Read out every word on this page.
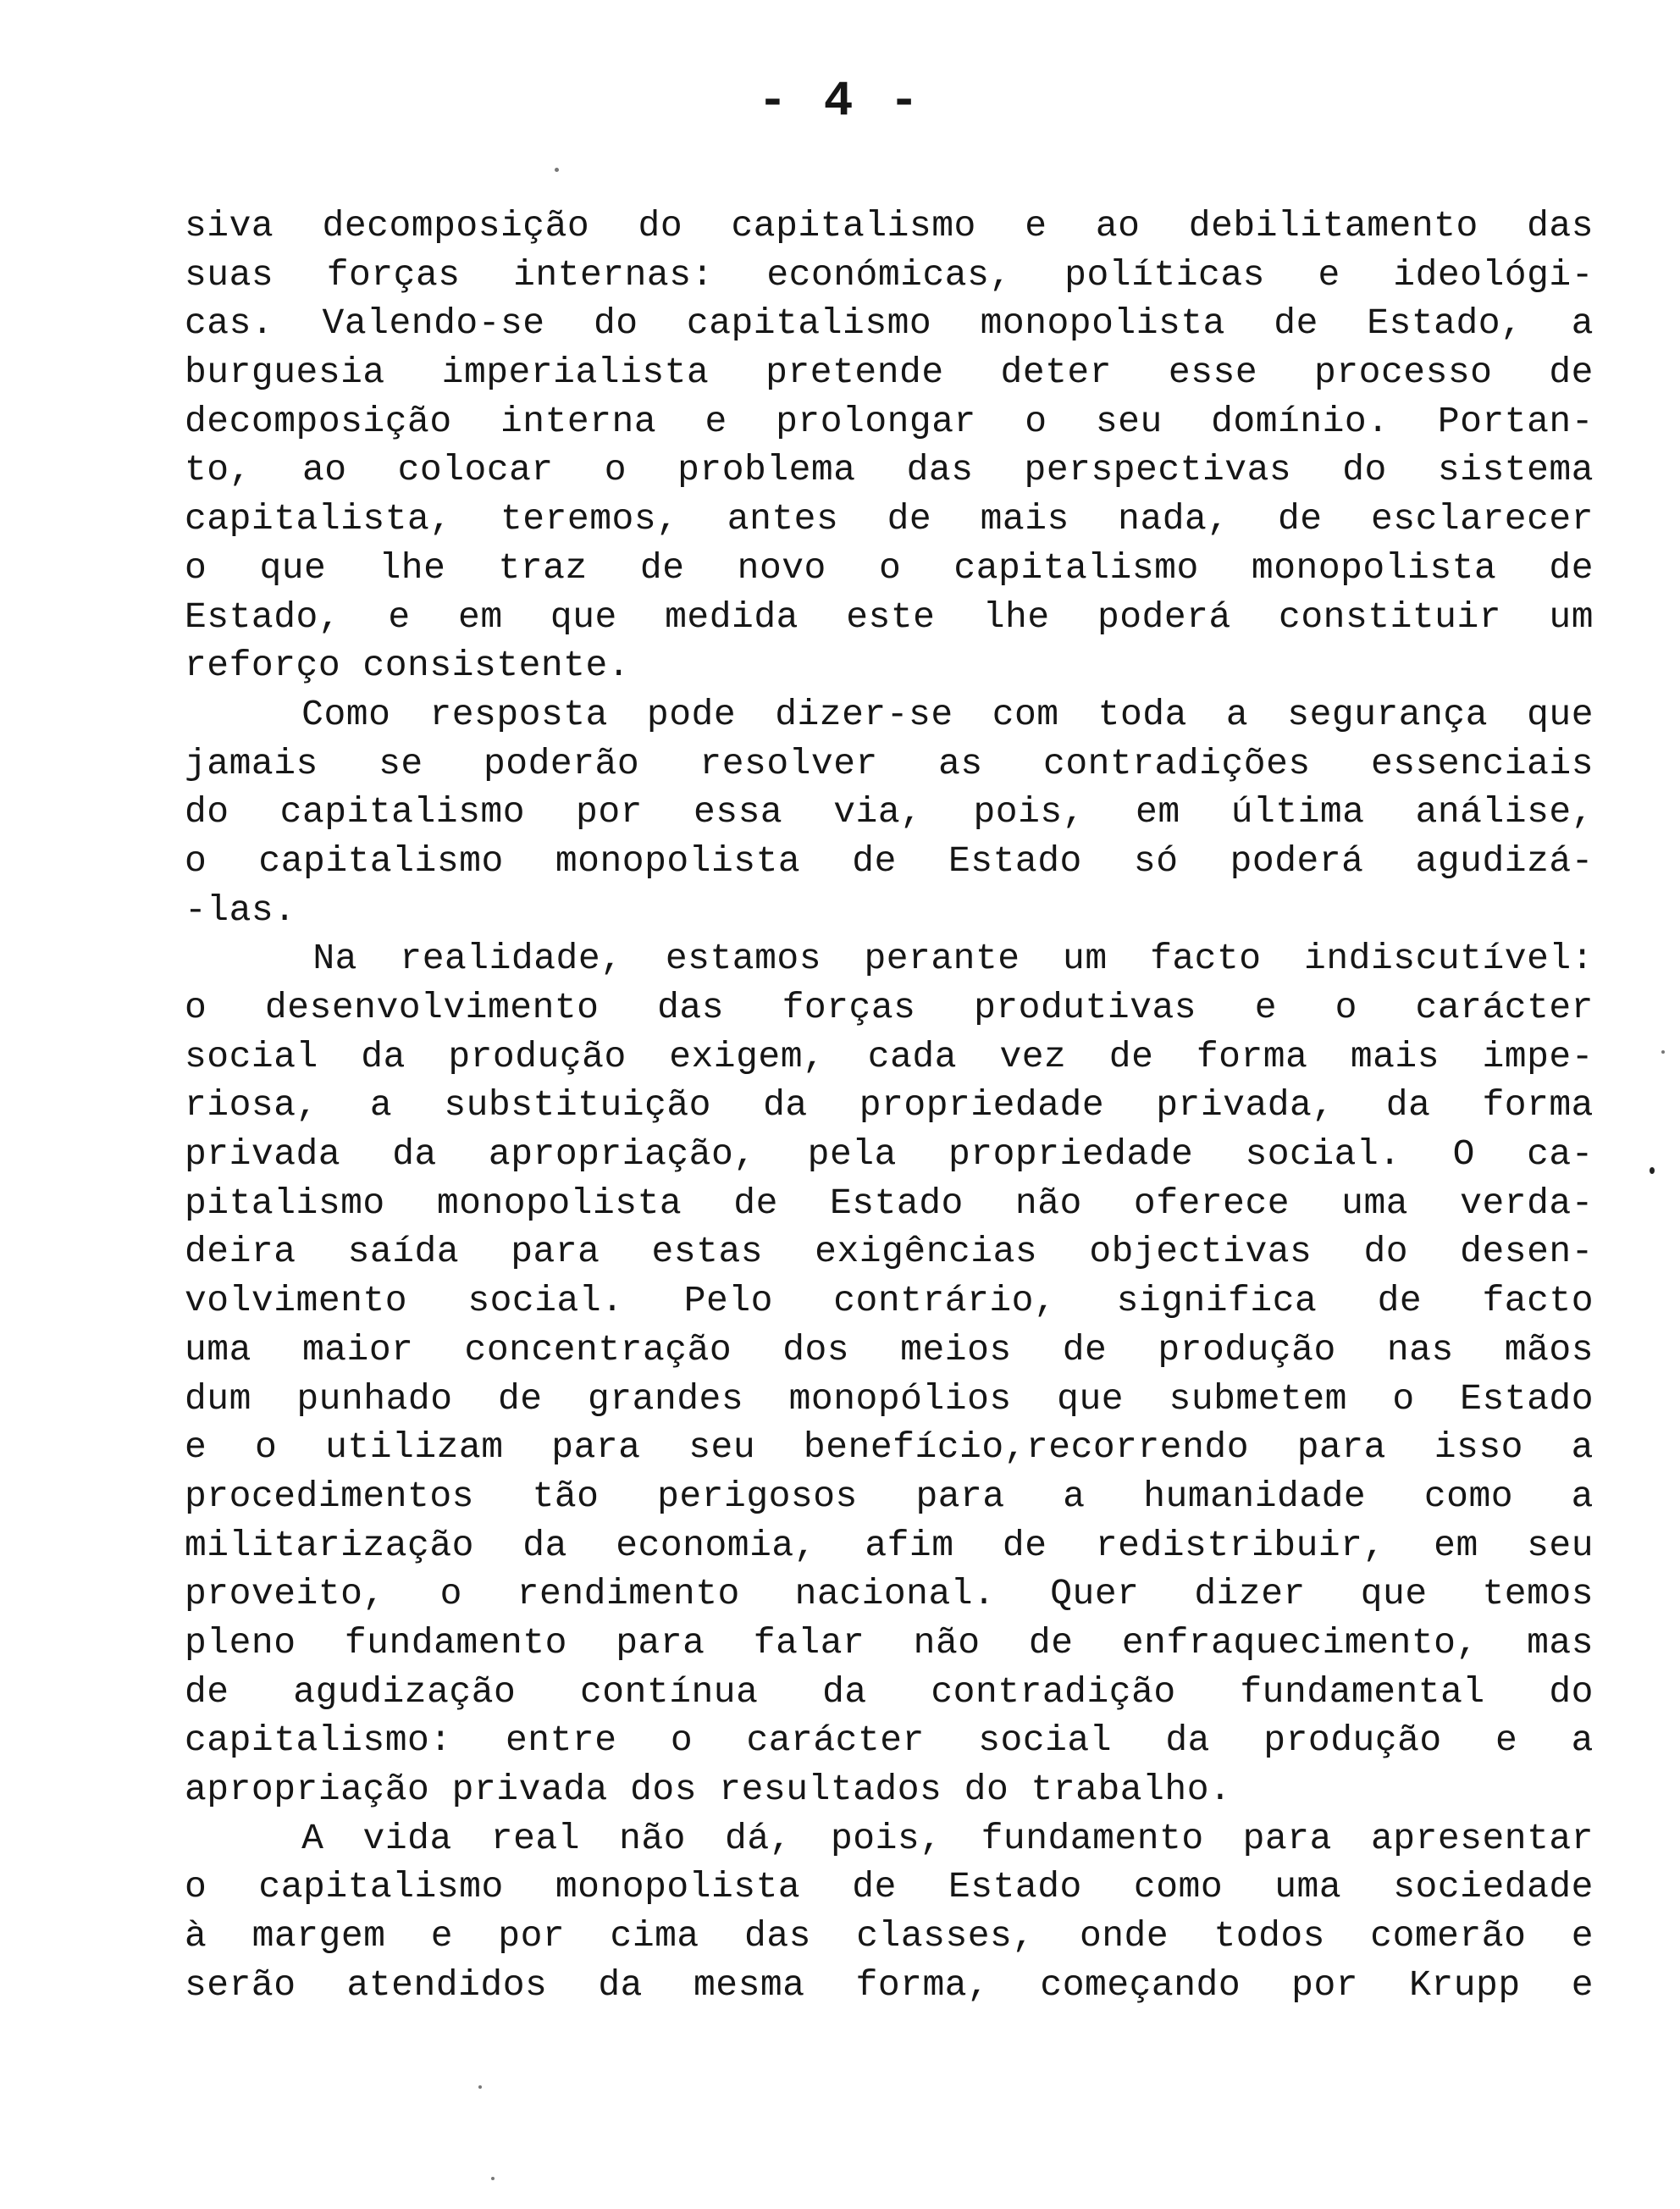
- 4 -
siva decomposição do capitalismo e ao debilitamento das
suas forças internas: económicas, políticas e ideológi-
cas. Valendo-se do capitalismo monopolista de Estado, a
burguesia imperialista pretende deter esse processo de
decomposição interna e prolongar o seu domínio. Portan-
to, ao colocar o problema das perspectivas do sistema
capitalista, teremos, antes de mais nada, de esclarecer
o que lhe traz de novo o capitalismo monopolista de
Estado, e em que medida este lhe poderá constituir um
reforço consistente.
Como resposta pode dizer-se com toda a segurança que
jamais se poderão resolver as contradições essenciais
do capitalismo por essa via, pois, em última análise,
o capitalismo monopolista de Estado só poderá agudizá-
-las.
Na realidade, estamos perante um facto indiscutível:
o desenvolvimento das forças produtivas e o carácter
social da produção exigem, cada vez de forma mais impe-
riosa, a substituição da propriedade privada, da forma
privada da apropriação, pela propriedade social. O ca-
pitalismo monopolista de Estado não oferece uma verda-
deira saída para estas exigências objectivas do desen-
volvimento social. Pelo contrário, significa de facto
uma maior concentração dos meios de produção nas mãos
dum punhado de grandes monopólios que submetem o Estado
e o utilizam para seu benefício,recorrendo para isso a
procedimentos tão perigosos para a humanidade como a
militarização da economia, afim de redistribuir, em seu
proveito, o rendimento nacional. Quer dizer que temos
pleno fundamento para falar não de enfraquecimento, mas
de agudização contínua da contradição fundamental do
capitalismo: entre o carácter social da produção e a
apropriação privada dos resultados do trabalho.
A vida real não dá, pois, fundamento para apresentar
o capitalismo monopolista de Estado como uma sociedade
à margem e por cima das classes, onde todos comerão e
serão atendidos da mesma forma, começando por Krupp e
